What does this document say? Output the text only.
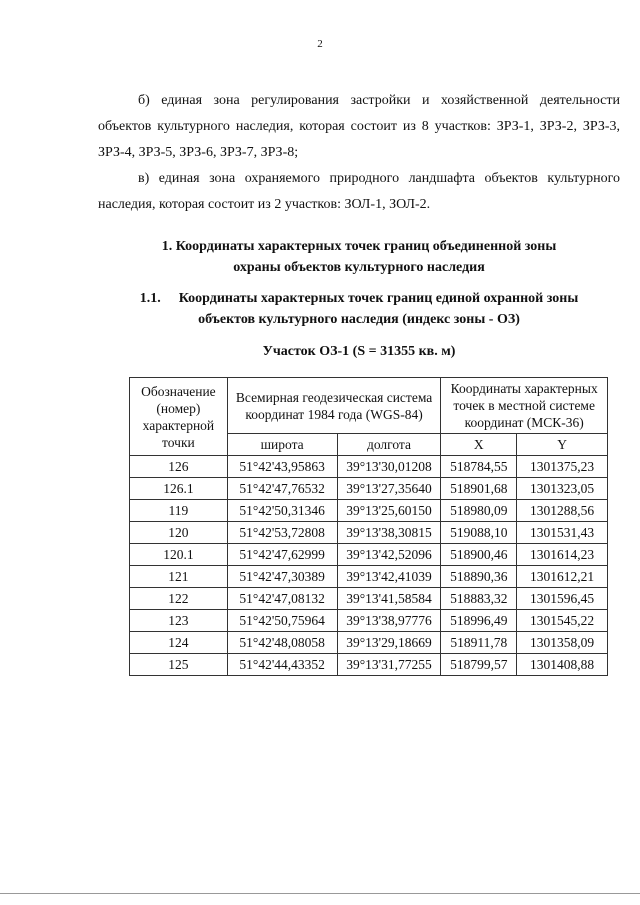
2

б) единая зона регулирования застройки и хозяйственной деятельности объектов культурного наследия, которая состоит из 8 участков: ЗРЗ-1, ЗРЗ-2, ЗРЗ-3, ЗРЗ-4, ЗРЗ-5, ЗРЗ-6, ЗРЗ-7, ЗРЗ-8;

в) единая зона охраняемого природного ландшафта объектов культурного наследия, которая состоит из 2 участков: ЗОЛ-1, ЗОЛ-2.

1. Координаты характерных точек границ объединенной зоны
охраны объектов культурного наследия
1.1. Координаты характерных точек границ единой охранной зоны
объектов культурного наследия (индекс зоны - ОЗ)
Участок ОЗ-1 (S = 31355 кв. м)
Обозначение (номер) характерной точки	Всемирная геодезическая система координат 1984 года (WGS-84)		Координаты характерных точек в местной системе координат (МСК-36)	
	широта	долгота	X	Y
126	51°42'43,95863	39°13'30,01208	518784,55	1301375,23
126.1	51°42'47,76532	39°13'27,35640	518901,68	1301323,05
119	51°42'50,31346	39°13'25,60150	518980,09	1301288,56
120	51°42'53,72808	39°13'38,30815	519088,10	1301531,43
120.1	51°42'47,62999	39°13'42,52096	518900,46	1301614,23
121	51°42'47,30389	39°13'42,41039	518890,36	1301612,21
122	51°42'47,08132	39°13'41,58584	518883,32	1301596,45
123	51°42'50,75964	39°13'38,97776	518996,49	1301545,22
124	51°42'48,08058	39°13'29,18669	518911,78	1301358,09
125	51°42'44,43352	39°13'31,77255	518799,57	1301408,88
